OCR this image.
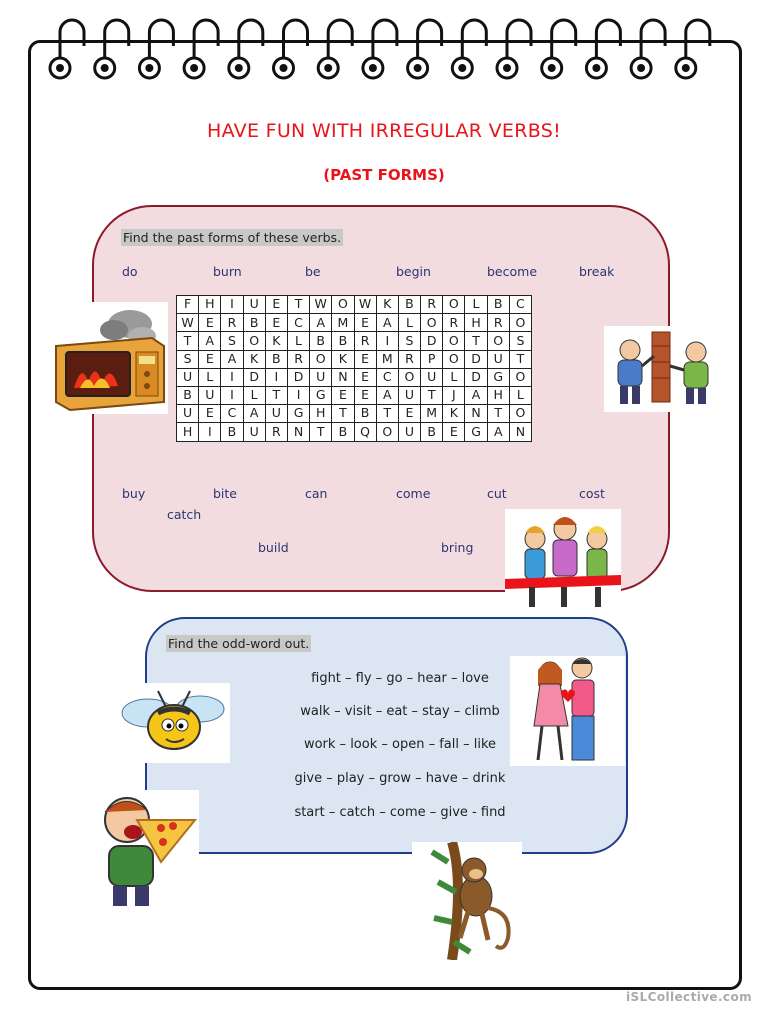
HAVE FUN WITH IRREGULAR VERBS!
(PAST FORMS)
Find the past forms of these verbs.
do	burn	be	begin	become	break
F	H	I	U	E	T	W	O	W	K	B	R	O	L	B	C
W	E	R	B	E	C	A	M	E	A	L	O	R	H	R	O
T	A	S	O	K	L	B	B	R	I	S	D	O	T	O	S
S	E	A	K	B	R	O	K	E	M	R	P	O	D	U	T
U	L	I	D	I	D	U	N	E	C	O	U	L	D	G	O
B	U	I	L	T	I	G	E	E	A	U	T	J	A	H	L
U	E	C	A	U	G	H	T	B	T	E	M	K	N	T	O
H	I	B	U	R	N	T	B	Q	O	U	B	E	G	A	N
buy	bite	can	come	cut	cost
catch
build	bring
Find the odd-word out.
fight – fly – go – hear – love
walk – visit – eat – stay – climb
work – look – open – fall – like
give – play – grow – have – drink
start – catch – come – give - find
iSLCollective.com
